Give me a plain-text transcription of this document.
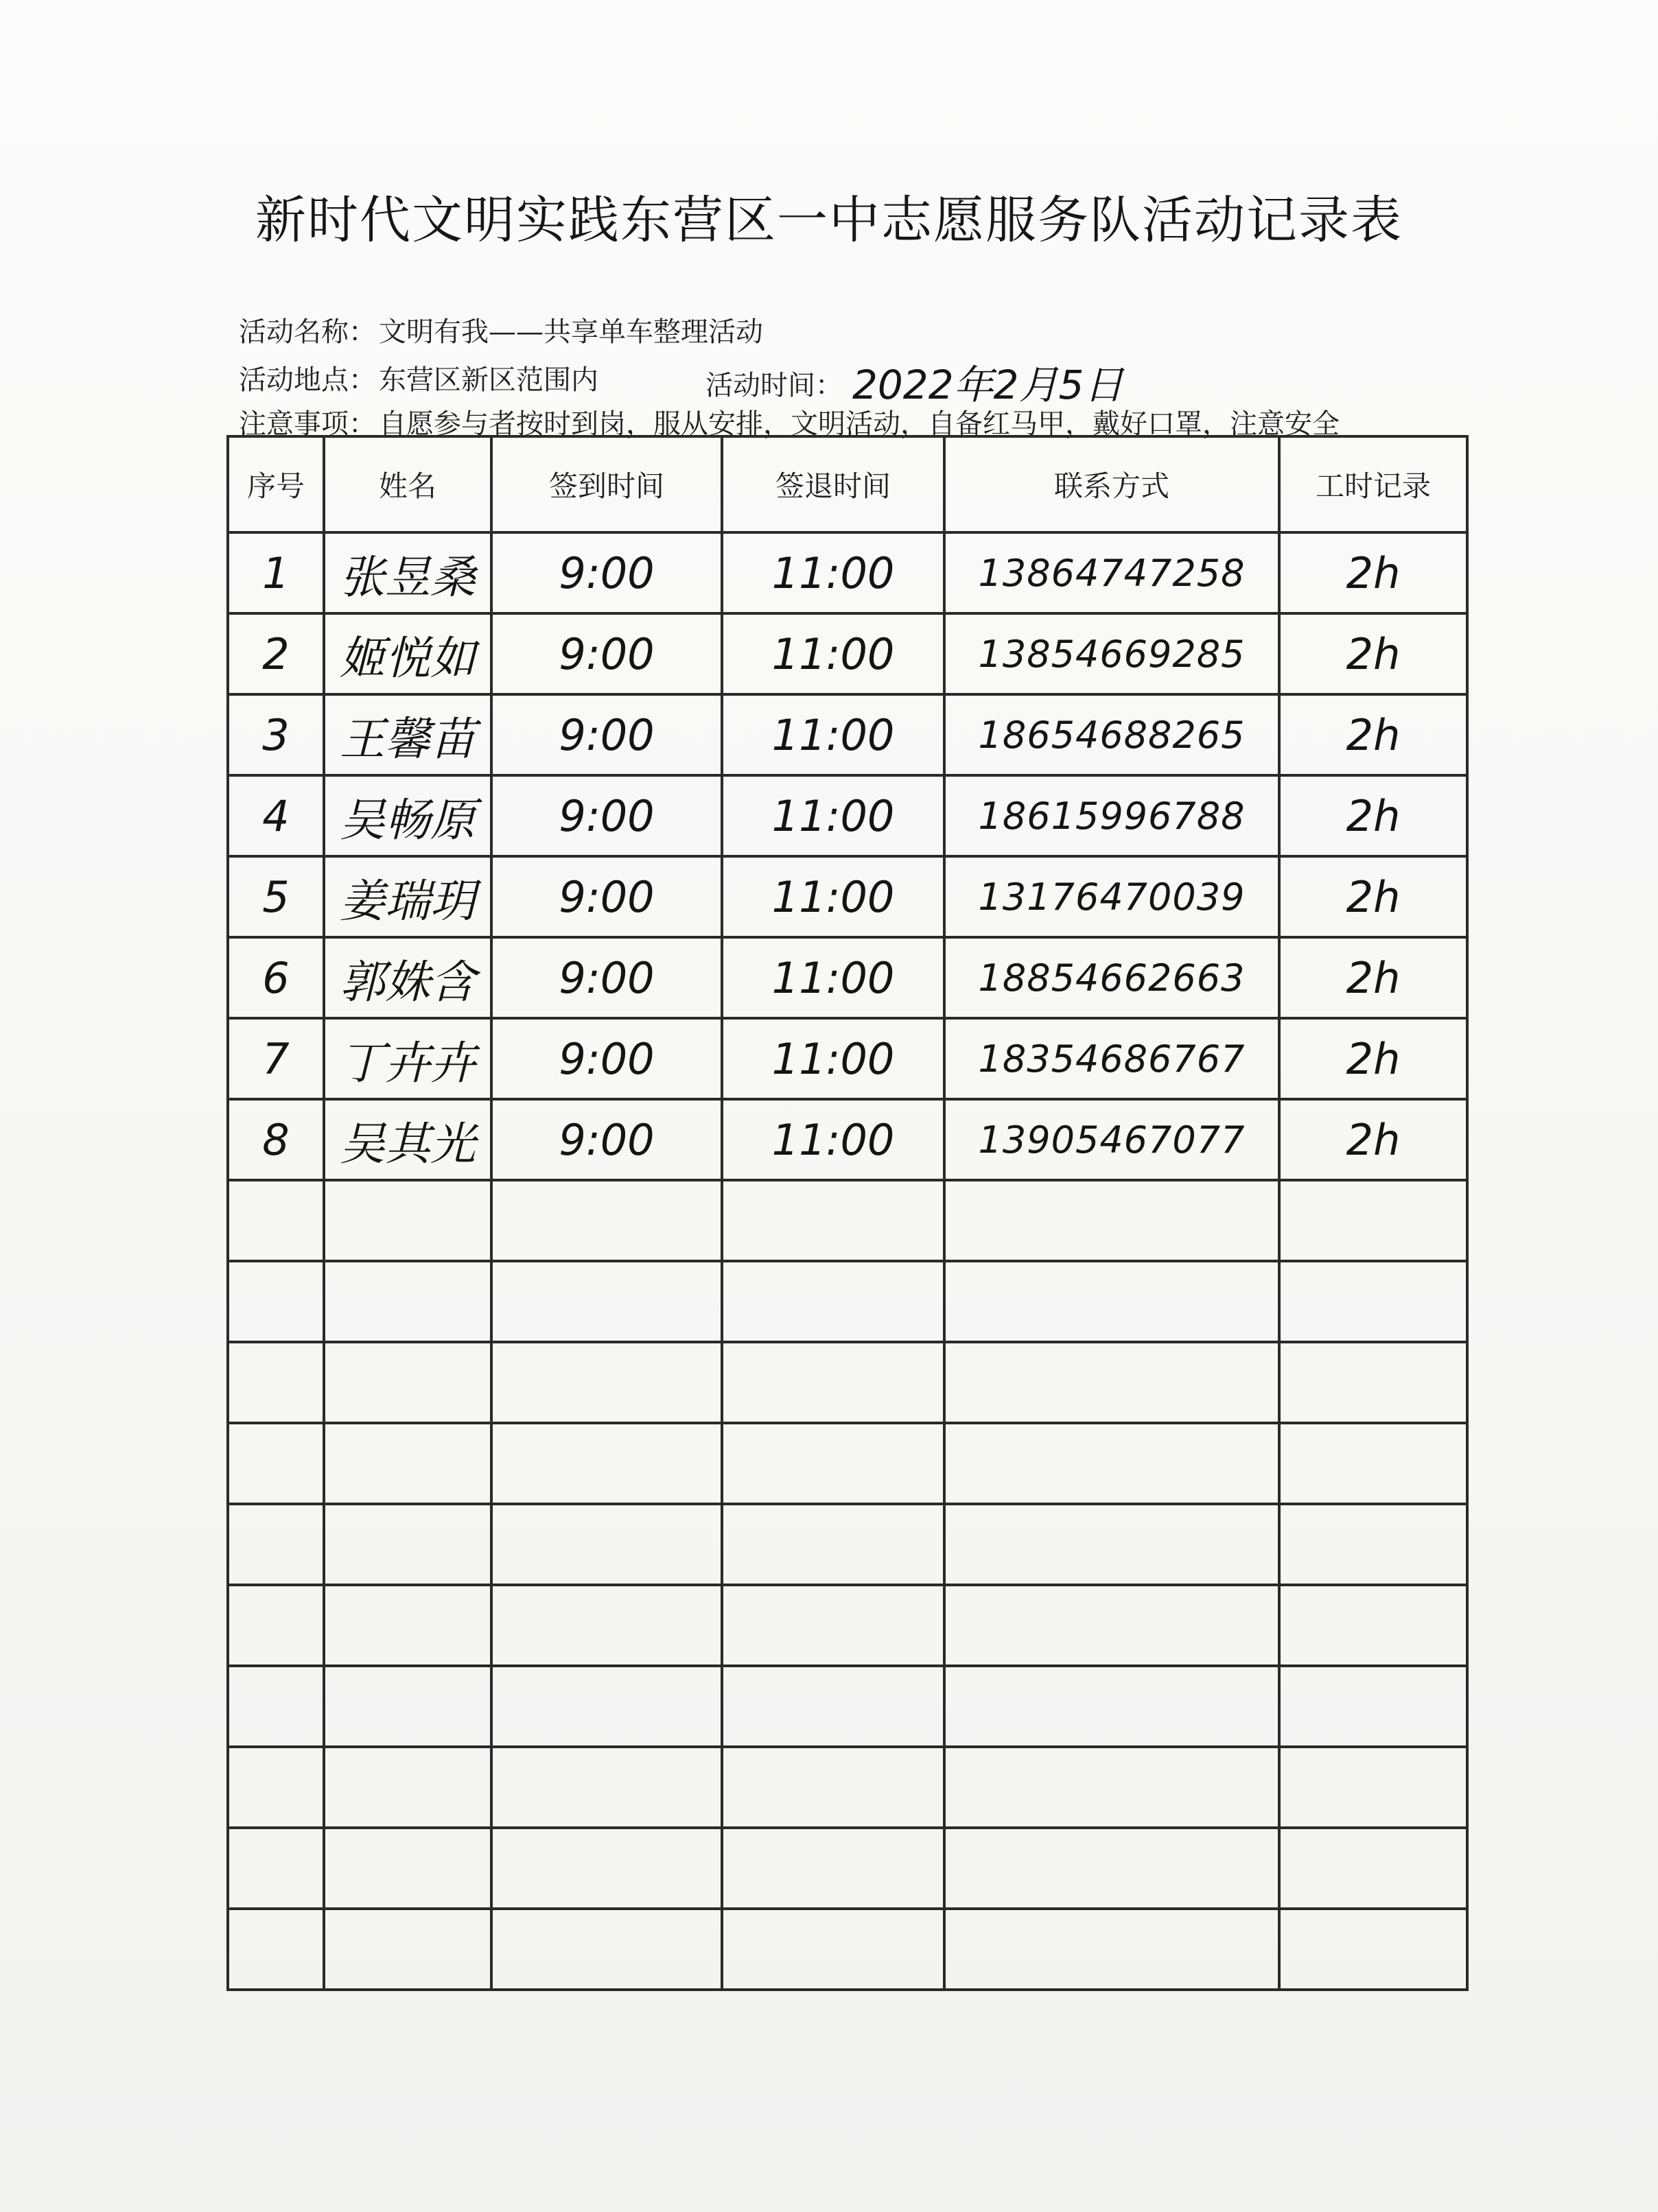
新时代文明实践东营区一中志愿服务队活动记录表
活动名称： 文明有我——共享单车整理活动
活动地点： 东营区新区范围内	活动时间： 2022年2月5日
注意事项： 自愿参与者按时到岗，服从安排，文明活动，自备红马甲，戴好口罩，注意安全
序号	姓名	签到时间	签退时间	联系方式	工时记录
1	张昱桑	9:00	11:00	13864747258	2h
2	姬悦如	9:00	11:00	13854669285	2h
3	王馨苗	9:00	11:00	18654688265	2h
4	吴畅原	9:00	11:00	18615996788	2h
5	姜瑞玥	9:00	11:00	13176470039	2h
6	郭姝含	9:00	11:00	18854662663	2h
7	丁卉卉	9:00	11:00	18354686767	2h
8	吴其光	9:00	11:00	13905467077	2h
